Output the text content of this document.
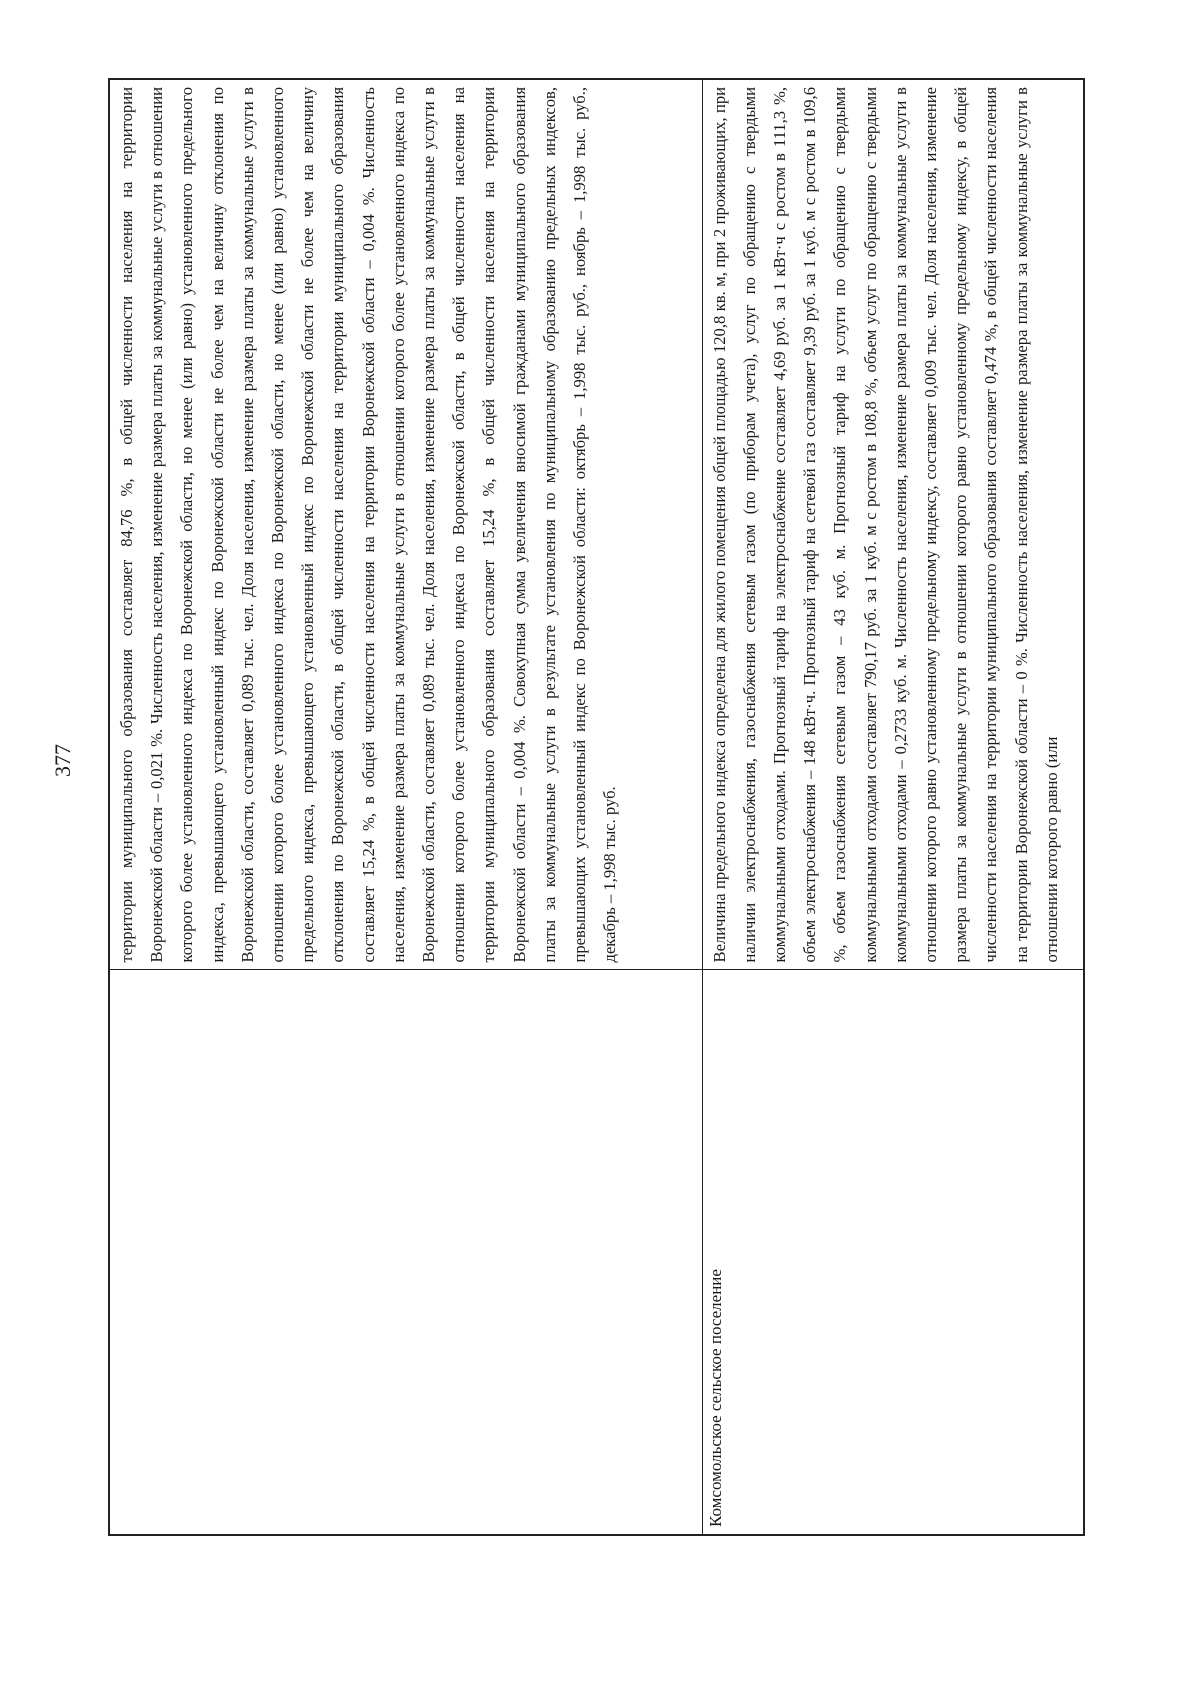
377
		территории муниципального образования составляет 84,76 %, в общей численности населения на территории Воронежской области – 0,021 %. Численность населения, изменение размера платы за коммунальные услуги в отношении которого более установленного индекса по Воронежской области, но менее (или равно) установленного предельного индекса, превышающего установленный индекс по Воронежской области не более чем на величину отклонения по Воронежской области, составляет 0,089 тыс. чел. Доля населения, изменение размера платы за коммунальные услуги в отношении которого более установленного индекса по Воронежской области, но менее (или равно) установленного предельного индекса, превышающего установленный индекс по Воронежской области не более чем на величину отклонения по Воронежской области, в общей численности населения на территории муниципального образования составляет 15,24 %, в общей численности населения на территории Воронежской области – 0,004 %. Численность населения, изменение размера платы за коммунальные услуги в отношении которого более установленного индекса по Воронежской области, составляет 0,089 тыс. чел. Доля населения, изменение размера платы за коммунальные услуги в отношении которого более установленного индекса по Воронежской области, в общей численности населения на территории муниципального образования составляет 15,24 %, в общей численности населения на территории Воронежской области – 0,004 %. Совокупная сумма увеличения вносимой гражданами муниципального образования платы за коммунальные услуги в результате установления по муниципальному образованию предельных индексов, превышающих установленный индекс по Воронежской области: октябрь – 1,998 тыс. руб., ноябрь – 1,998 тыс. руб., декабрь – 1,998 тыс. руб.
Комсомольское сельское поселение	Величина предельного индекса определена для жилого помещения общей площадью 120,8 кв. м, при 2 проживающих, при наличии электроснабжения, газоснабжения сетевым газом (по приборам учета), услуг по обращению с твердыми коммунальными отходами. Прогнозный тариф на электроснабжение составляет 4,69 руб. за 1 кВт·ч с ростом в 111,3 %, объем электроснабжения – 148 кВт·ч. Прогнозный тариф на сетевой газ составляет 9,39 руб. за 1 куб. м с ростом в 109,6 %, объем газоснабжения сетевым газом – 43 куб. м. Прогнозный тариф на услуги по обращению с твердыми коммунальными отходами составляет 790,17 руб. за 1 куб. м с ростом в 108,8 %, объем услуг по обращению с твердыми коммунальными отходами – 0,2733 куб. м. Численность населения, изменение размера платы за коммунальные услуги в отношении которого равно установленному предельному индексу, составляет 0,009 тыс. чел. Доля населения, изменение размера платы за коммунальные услуги в отношении которого равно установленному предельному индексу, в общей численности населения на территории муниципального образования составляет 0,474 %, в общей численности населения на территории Воронежской области – 0 %. Численность населения, изменение размера платы за коммунальные услуги в отношении которого равно (или
